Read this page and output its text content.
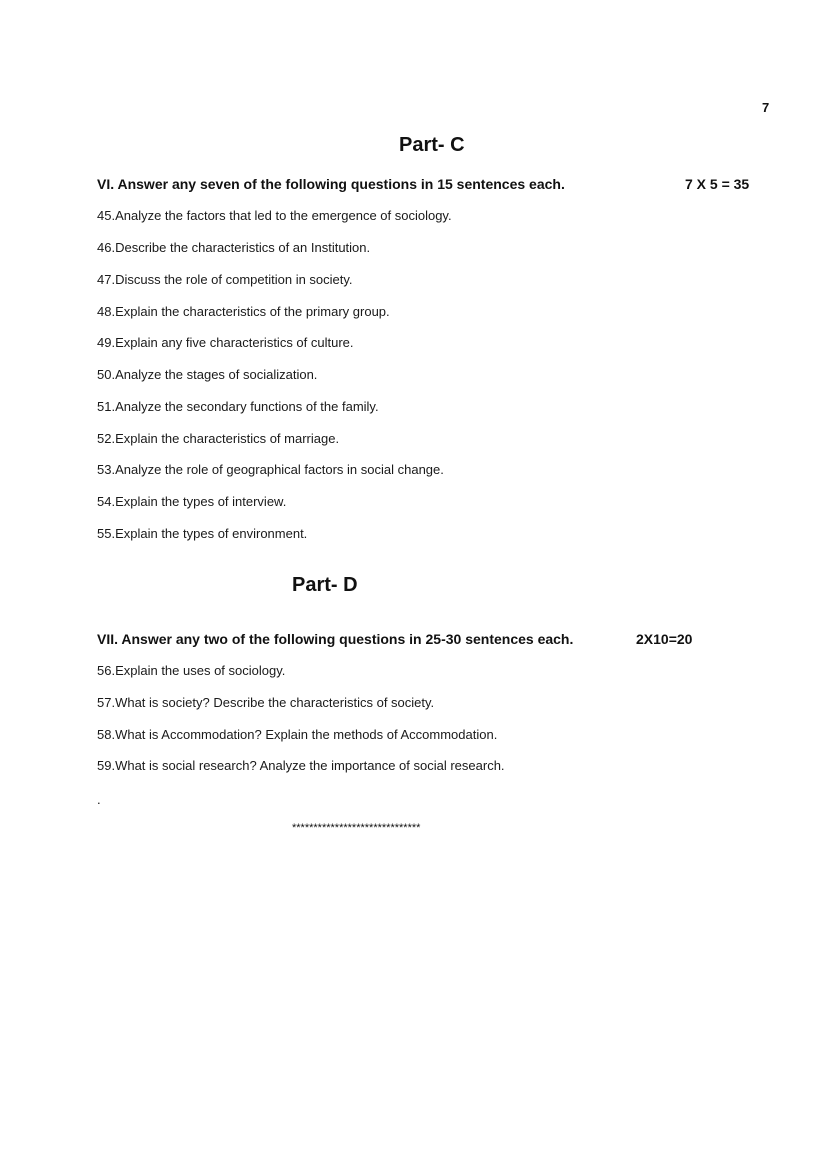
7
Part- C
VI. Answer any seven of the following questions in 15 sentences each.	7 X 5 = 35
45.Analyze the factors that led to the emergence of sociology.
46.Describe the characteristics of an Institution.
47.Discuss the role of competition in society.
48.Explain the characteristics of the primary group.
49.Explain any five characteristics of culture.
50.Analyze the stages of socialization.
51.Analyze the secondary functions of the family.
52.Explain the characteristics of marriage.
53.Analyze the role of geographical factors in social change.
54.Explain the types of interview.
55.Explain the types of environment.
Part- D
VII. Answer any two of the following questions in 25-30 sentences each.	2X10=20
56.Explain the uses of sociology.
57.What is society? Describe the characteristics of society.
58.What is Accommodation? Explain the methods of Accommodation.
59.What is social research? Analyze the importance of social research.
.
******************************
